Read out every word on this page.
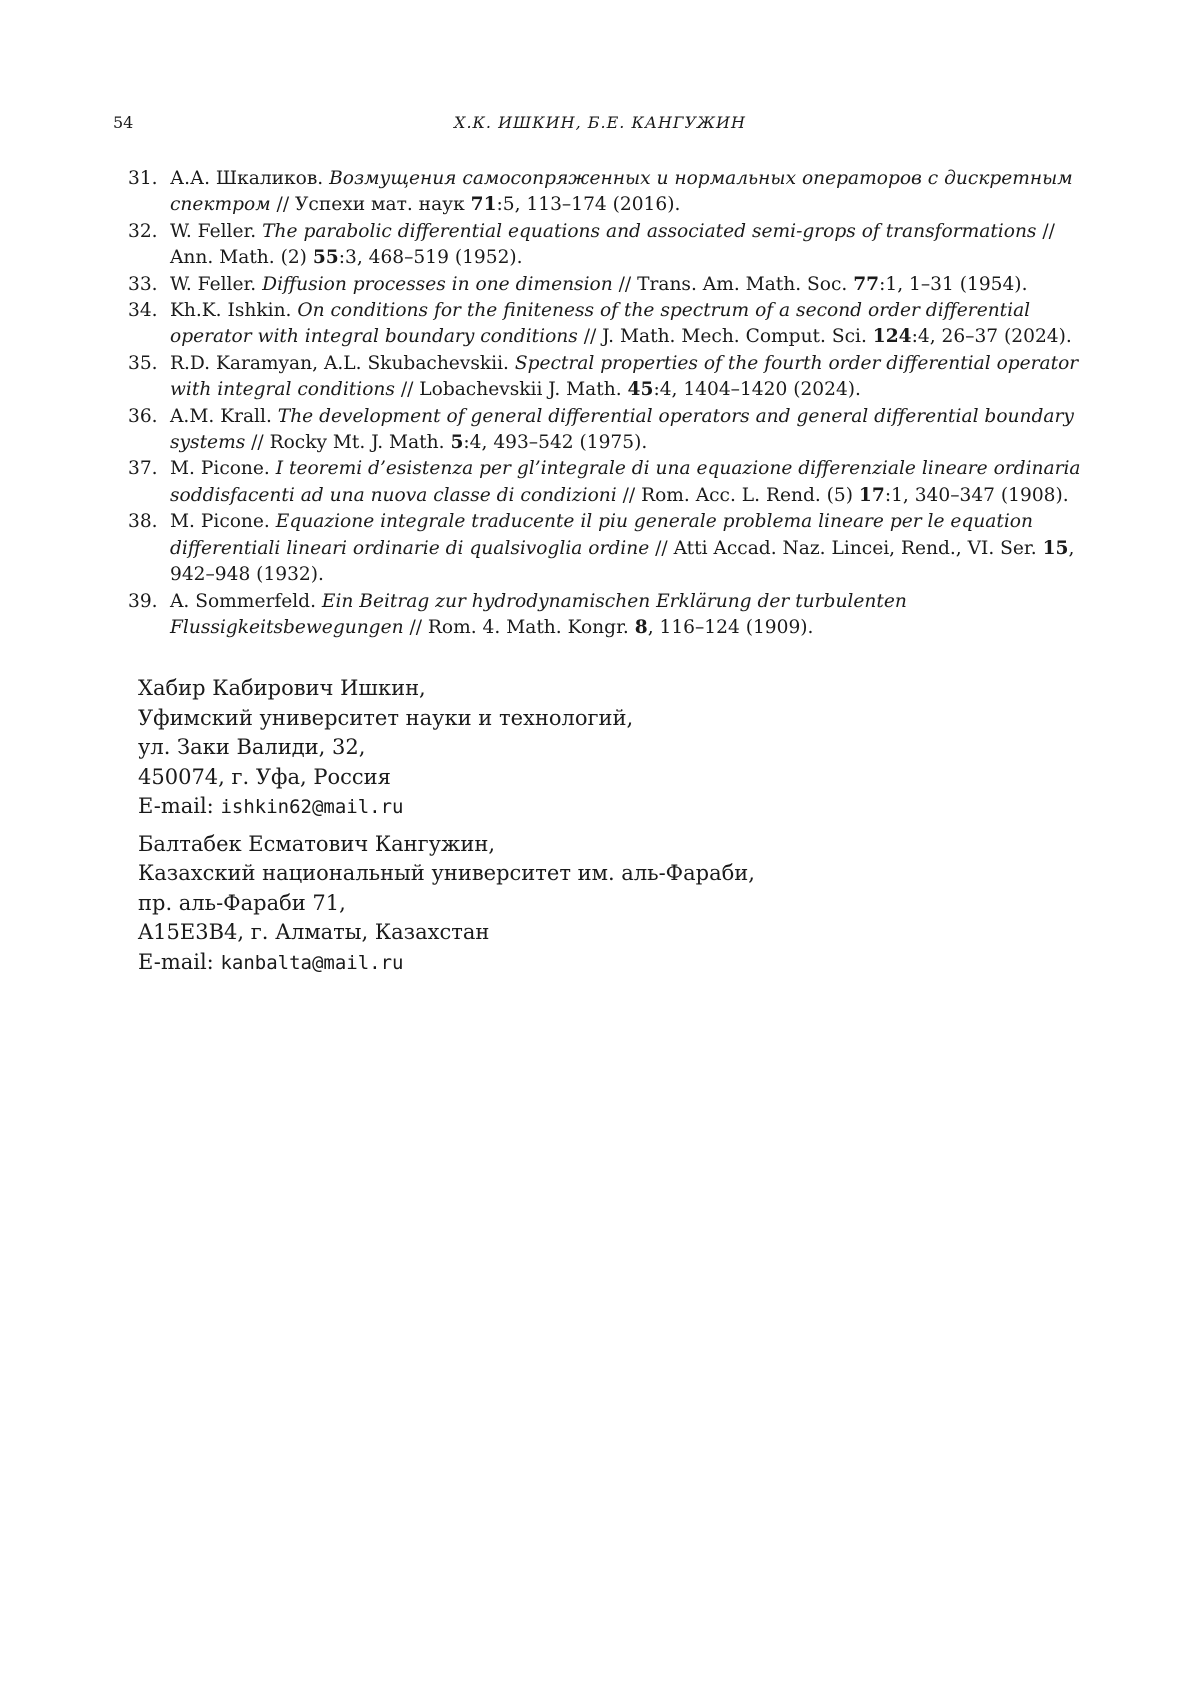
54	Х.К. ИШКИН, Б.Е. КАНГУЖИН
31. А.А. Шкаликов. Возмущения самосопряженных и нормальных операторов с дискретным спектром // Успехи мат. наук 71:5, 113–174 (2016).
32. W. Feller. The parabolic differential equations and associated semi-grops of transformations // Ann. Math. (2) 55:3, 468–519 (1952).
33. W. Feller. Diffusion processes in one dimension // Trans. Am. Math. Soc. 77:1, 1–31 (1954).
34. Kh.K. Ishkin. On conditions for the finiteness of the spectrum of a second order differential operator with integral boundary conditions // J. Math. Mech. Comput. Sci. 124:4, 26–37 (2024).
35. R.D. Karamyan, A.L. Skubachevskii. Spectral properties of the fourth order differential operator with integral conditions // Lobachevskii J. Math. 45:4, 1404–1420 (2024).
36. A.M. Krall. The development of general differential operators and general differential boundary systems // Rocky Mt. J. Math. 5:4, 493–542 (1975).
37. M. Picone. I teoremi d’esistenza per gl’integrale di una equazione differenziale lineare ordinaria soddisfacenti ad una nuova classe di condizioni // Rom. Acc. L. Rend. (5) 17:1, 340–347 (1908).
38. M. Picone. Equazione integrale traducente il piu generale problema lineare per le equation differentiali lineari ordinarie di qualsivoglia ordine // Atti Accad. Naz. Lincei, Rend., VI. Ser. 15, 942–948 (1932).
39. A. Sommerfeld. Ein Beitrag zur hydrodynamischen Erklärung der turbulenten Flussigkeitsbewegungen // Rom. 4. Math. Kongr. 8, 116–124 (1909).
Хабир Кабирович Ишкин,
Уфимский университет науки и технологий,
ул. Заки Валиди, 32,
450074, г. Уфа, Россия
E-mail: ishkin62@mail.ru
Балтабек Есматович Кангужин,
Казахский национальный университет им. аль-Фараби,
пр. аль-Фараби 71,
A15E3B4, г. Алматы, Казахстан
E-mail: kanbalta@mail.ru
